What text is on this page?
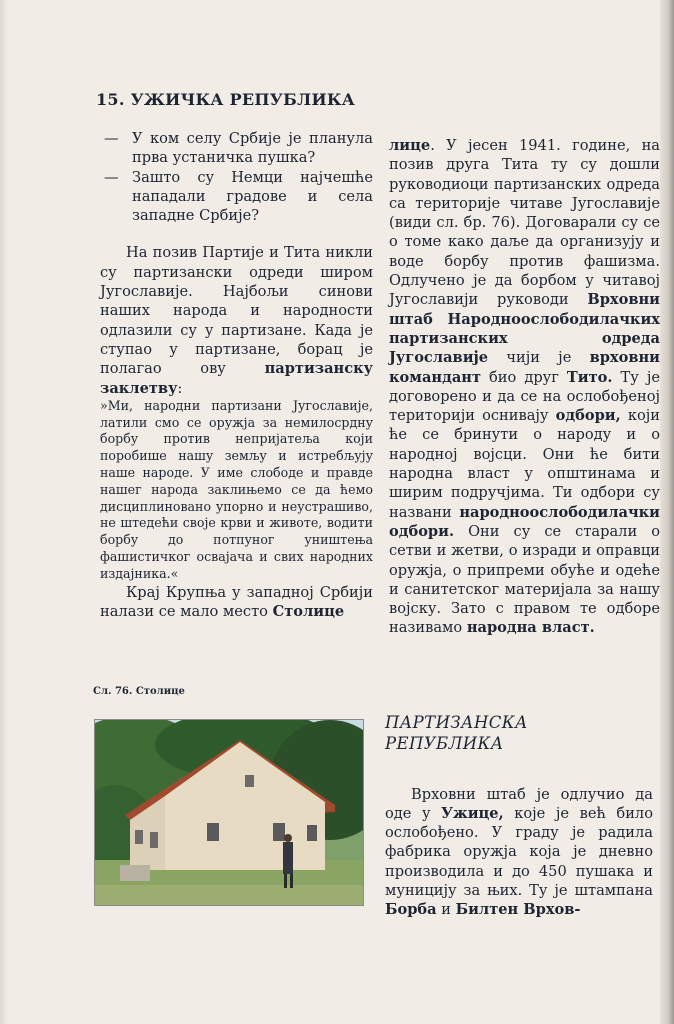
15. УЖИЧКА РЕПУБЛИКА
— У ком селу Србије је планула прва устаничка пушка?
— Зашто су Немци најчешће нападали градове и села западне Србије?

На позив Партије и Тита никли су партизански одреди широм Југославије. Најбољи синови наших народа и народности одлазили су у партизане. Када је ступао у партизане, борац је полагао ову партизанску заклетву:

»Ми, народни партизани Југославије, латили смо се оружја за немилосрдну борбу против непријатеља који поробише нашу земљу и истребљују наше народе. У име слободе и правде нашег народа заклињемо се да ћемо дисциплиновано упорно и неустрашиво, не штедећи своје крви и животе, водити борбу до потпуног уништења фашистичког освајача и свих народних издајника.«

Крај Крупња у западној Србији налази се мало место Столице

лице. У јесен 1941. године, на позив друга Тита ту су дошли руководиоци партизанских одреда са територије читаве Југославије (види сл. бр. 76). Договарали су се о томе како даље да организују и воде борбу против фашизма. Одлучено је да борбом у читавој Југославији руководи Врховни штаб Народноослободилачких партизанских одреда Југославије чији је врховни командант био друг Тито. Ту је договорено и да се на ослобођеној територији оснивају одбори, који ће се бринути о народу и о народној војсци. Они ће бити народна власт у општинама и ширим подручјима. Ти одбори су названи народноослободилачки одбори. Они су се старали о сетви и жетви, о изради и оправци оружја, о припреми обуће и одеће и санитетског материјала за нашу војску. Зато с правом те одборе називамо народна власт.

Сл. 76. Столице

ПАРТИЗАНСКА
РЕПУБЛИКА

Врховни штаб је одлучио да оде у Ужице, које је већ било ослобођено. У граду је радила фабрика оружја која је дневно производила и до 450 пушака и муницију за њих. Ту је штампана Борба и Билтен Врхов-
